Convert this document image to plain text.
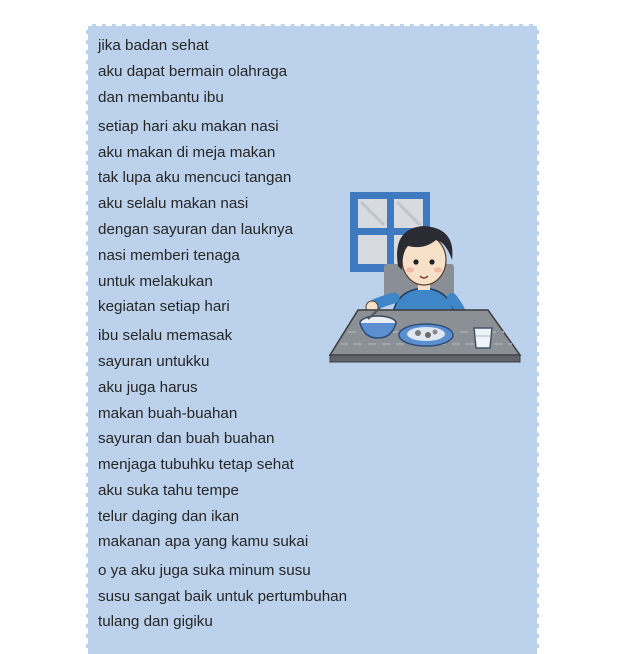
jika badan sehat
aku dapat bermain olahraga
dan membantu ibu
setiap hari aku makan nasi
aku makan di meja makan
tak lupa aku mencuci tangan
aku selalu makan nasi
dengan sayuran dan lauknya
nasi memberi tenaga
untuk melakukan
kegiatan setiap hari
ibu selalu memasak
sayuran untukku
aku juga harus
makan buah-buahan
sayuran dan buah buahan
menjaga tubuhku tetap sehat
aku suka tahu tempe
telur daging dan ikan
makanan apa yang kamu sukai
o ya aku juga suka minum susu
susu sangat baik untuk pertumbuhan
tulang dan gigiku
